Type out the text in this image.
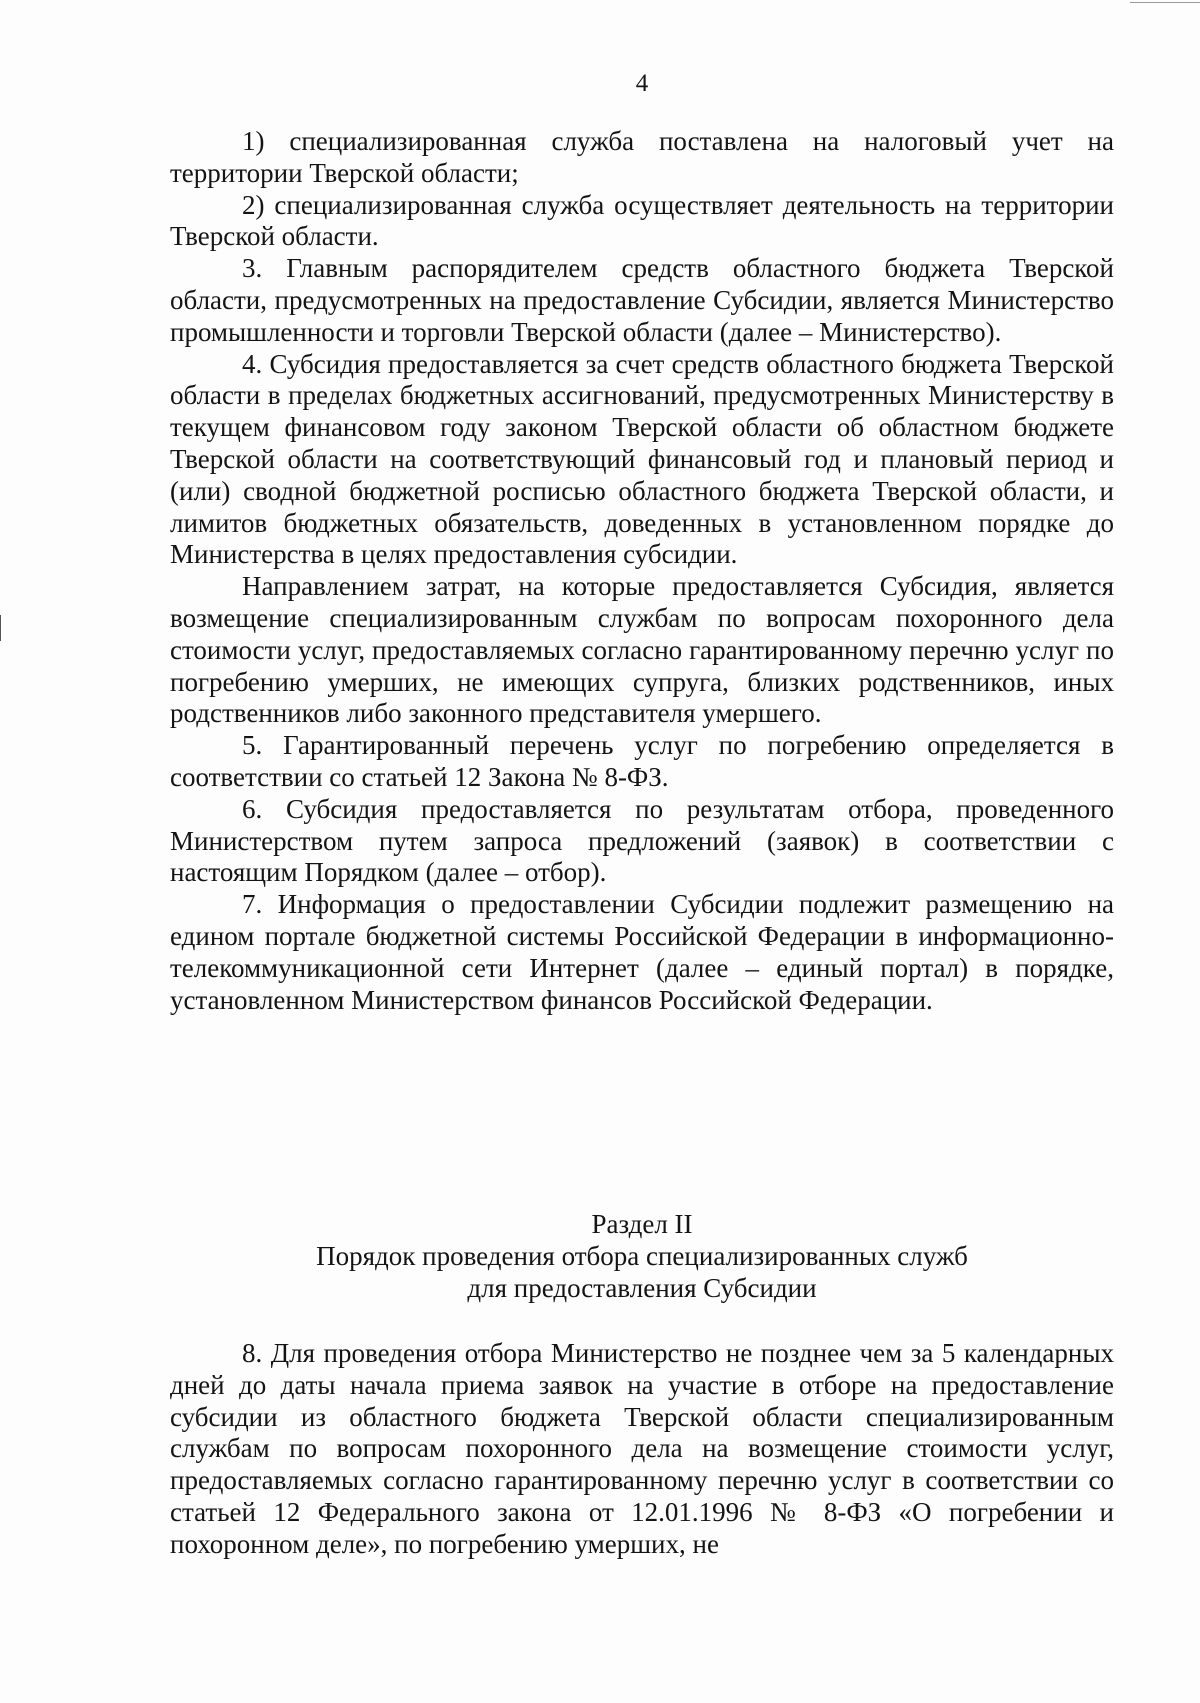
4

1) специализированная служба поставлена на налоговый учет на территории Тверской области;

2) специализированная служба осуществляет деятельность на территории Тверской области.

3. Главным распорядителем средств областного бюджета Тверской области, предусмотренных на предоставление Субсидии, является Министерство промышленности и торговли Тверской области (далее – Министерство).

4. Субсидия предоставляется за счет средств областного бюджета Тверской области в пределах бюджетных ассигнований, предусмотренных Министерству в текущем финансовом году законом Тверской области об областном бюджете Тверской области на соответствующий финансовый год и плановый период и (или) сводной бюджетной росписью областного бюджета Тверской области, и лимитов бюджетных обязательств, доведенных в установленном порядке до Министерства в целях предоставления субсидии.

Направлением затрат, на которые предоставляется Субсидия, является возмещение специализированным службам по вопросам похоронного дела стоимости услуг, предоставляемых согласно гарантированному перечню услуг по погребению умерших, не имеющих супруга, близких родственников, иных родственников либо законного представителя умершего.

5. Гарантированный перечень услуг по погребению определяется в соответствии со статьей 12 Закона № 8-ФЗ.

6. Субсидия предоставляется по результатам отбора, проведенного Министерством путем запроса предложений (заявок) в соответствии с настоящим Порядком (далее – отбор).

7. Информация о предоставлении Субсидии подлежит размещению на едином портале бюджетной системы Российской Федерации в информационно-телекоммуникационной сети Интернет (далее – единый портал) в порядке, установленном Министерством финансов Российской Федерации.

Раздел II
Порядок проведения отбора специализированных служб
для предоставления Субсидии

8. Для проведения отбора Министерство не позднее чем за 5 календарных дней до даты начала приема заявок на участие в отборе на предоставление субсидии из областного бюджета Тверской области специализированным службам по вопросам похоронного дела на возмещение стоимости услуг, предоставляемых согласно гарантированному перечню услуг в соответствии со статьей 12 Федерального закона от 12.01.1996 № 8-ФЗ «О погребении и похоронном деле», по погребению умерших, не
